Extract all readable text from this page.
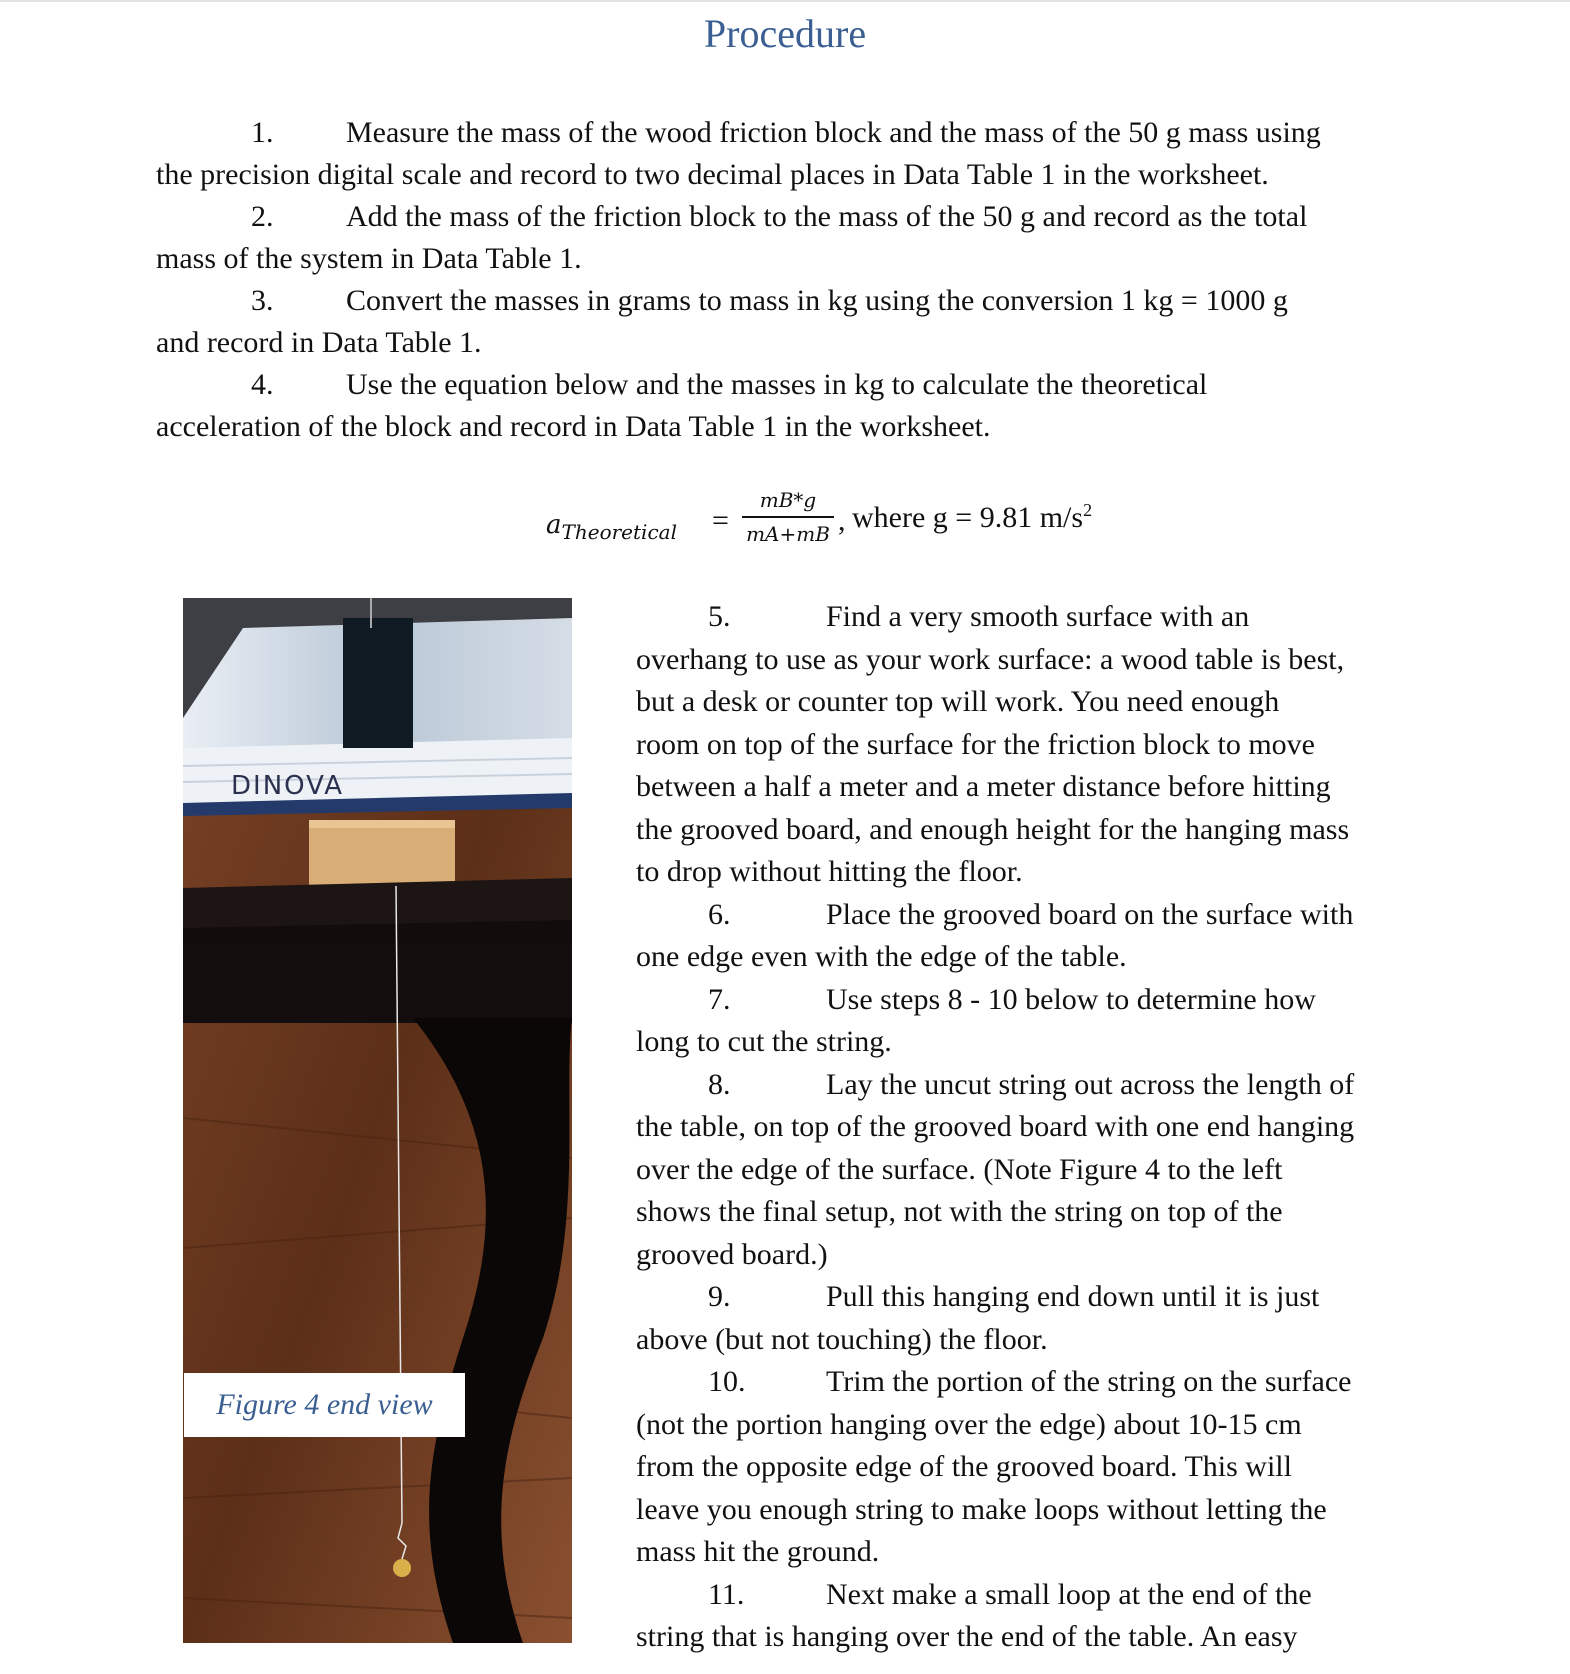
Procedure
1. Measure the mass of the wood friction block and the mass of the 50 g mass using
the precision digital scale and record to two decimal places in Data Table 1 in the worksheet.
2. Add the mass of the friction block to the mass of the 50 g and record as the total
mass of the system in Data Table 1.
3. Convert the masses in grams to mass in kg using the conversion 1 kg = 1000 g
and record in Data Table 1.
4. Use the equation below and the masses in kg to calculate the theoretical
acceleration of the block and record in Data Table 1 in the worksheet.
$a_{Theoretical}$ =
mB*g
mA+mB , where g = 9.81 $m/s^2$
DINOVA
Figure 4 end view

5.	Find a very smooth surface with an

overhang to use as your work surface: a wood table is best,

but a desk or counter top will work. You need enough

room on top of the surface for the friction block to move

between a half a meter and a meter distance before hitting

the grooved board, and enough height for the hanging mass

to drop without hitting the floor.

6.	Place the grooved board on the surface with

one edge even with the edge of the table.

7.	Use steps 8 - 10 below to determine how

long to cut the string.

8.	Lay the uncut string out across the length of

the table, on top of the grooved board with one end hanging

over the edge of the surface. (Note Figure 4 to the left

shows the final setup, not with the string on top of the

grooved board.)

9.	Pull this hanging end down until it is just

above (but not touching) the floor.

10.	Trim the portion of the string on the surface

(not the portion hanging over the edge) about 10-15 cm

from the opposite edge of the grooved board. This will

leave you enough string to make loops without letting the

mass hit the ground.

11.	Next make a small loop at the end of the

string that is hanging over the end of the table. An easy
